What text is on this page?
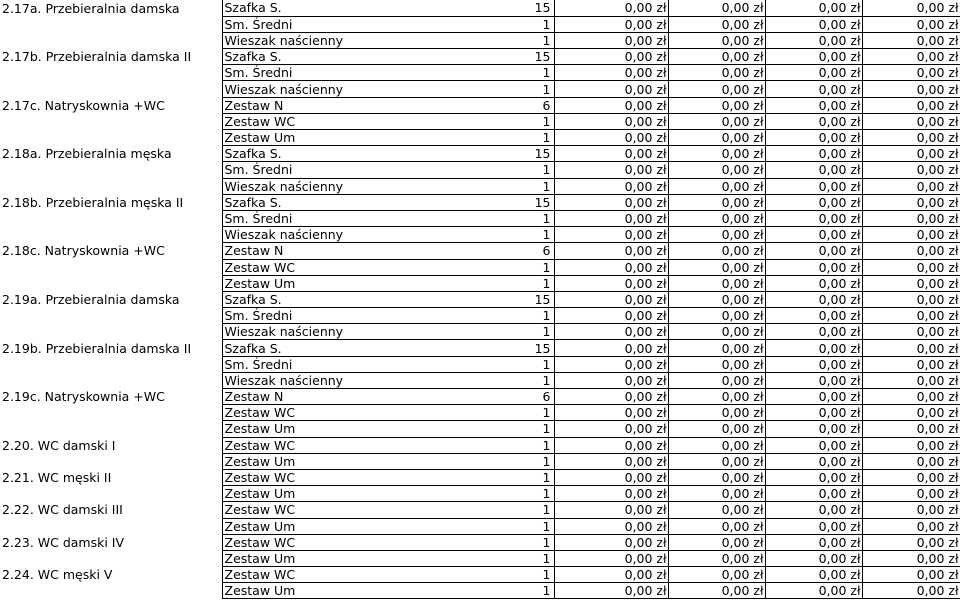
2.17a. Przebieralnia damska	Szafka S.	15	0,00 zł	0,00 zł	0,00 zł	0,00 zł
	Sm. Średni	1	0,00 zł	0,00 zł	0,00 zł	0,00 zł
	Wieszak naścienny	1	0,00 zł	0,00 zł	0,00 zł	0,00 zł
2.17b. Przebieralnia damska II	Szafka S.	15	0,00 zł	0,00 zł	0,00 zł	0,00 zł
	Sm. Średni	1	0,00 zł	0,00 zł	0,00 zł	0,00 zł
	Wieszak naścienny	1	0,00 zł	0,00 zł	0,00 zł	0,00 zł
2.17c. Natryskownia +WC	Zestaw N	6	0,00 zł	0,00 zł	0,00 zł	0,00 zł
	Zestaw WC	1	0,00 zł	0,00 zł	0,00 zł	0,00 zł
	Zestaw Um	1	0,00 zł	0,00 zł	0,00 zł	0,00 zł
2.18a. Przebieralnia męska	Szafka S.	15	0,00 zł	0,00 zł	0,00 zł	0,00 zł
	Sm. Średni	1	0,00 zł	0,00 zł	0,00 zł	0,00 zł
	Wieszak naścienny	1	0,00 zł	0,00 zł	0,00 zł	0,00 zł
2.18b. Przebieralnia męska II	Szafka S.	15	0,00 zł	0,00 zł	0,00 zł	0,00 zł
	Sm. Średni	1	0,00 zł	0,00 zł	0,00 zł	0,00 zł
	Wieszak naścienny	1	0,00 zł	0,00 zł	0,00 zł	0,00 zł
2.18c. Natryskownia +WC	Zestaw N	6	0,00 zł	0,00 zł	0,00 zł	0,00 zł
	Zestaw WC	1	0,00 zł	0,00 zł	0,00 zł	0,00 zł
	Zestaw Um	1	0,00 zł	0,00 zł	0,00 zł	0,00 zł
2.19a. Przebieralnia damska	Szafka S.	15	0,00 zł	0,00 zł	0,00 zł	0,00 zł
	Sm. Średni	1	0,00 zł	0,00 zł	0,00 zł	0,00 zł
	Wieszak naścienny	1	0,00 zł	0,00 zł	0,00 zł	0,00 zł
2.19b. Przebieralnia damska II	Szafka S.	15	0,00 zł	0,00 zł	0,00 zł	0,00 zł
	Sm. Średni	1	0,00 zł	0,00 zł	0,00 zł	0,00 zł
	Wieszak naścienny	1	0,00 zł	0,00 zł	0,00 zł	0,00 zł
2.19c. Natryskownia +WC	Zestaw N	6	0,00 zł	0,00 zł	0,00 zł	0,00 zł
	Zestaw WC	1	0,00 zł	0,00 zł	0,00 zł	0,00 zł
	Zestaw Um	1	0,00 zł	0,00 zł	0,00 zł	0,00 zł
2.20. WC damski I	Zestaw WC	1	0,00 zł	0,00 zł	0,00 zł	0,00 zł
	Zestaw Um	1	0,00 zł	0,00 zł	0,00 zł	0,00 zł
2.21. WC męski II	Zestaw WC	1	0,00 zł	0,00 zł	0,00 zł	0,00 zł
	Zestaw Um	1	0,00 zł	0,00 zł	0,00 zł	0,00 zł
2.22. WC damski III	Zestaw WC	1	0,00 zł	0,00 zł	0,00 zł	0,00 zł
	Zestaw Um	1	0,00 zł	0,00 zł	0,00 zł	0,00 zł
2.23. WC damski IV	Zestaw WC	1	0,00 zł	0,00 zł	0,00 zł	0,00 zł
	Zestaw Um	1	0,00 zł	0,00 zł	0,00 zł	0,00 zł
2.24. WC męski V	Zestaw WC	1	0,00 zł	0,00 zł	0,00 zł	0,00 zł
	Zestaw Um	1	0,00 zł	0,00 zł	0,00 zł	0,00 zł
